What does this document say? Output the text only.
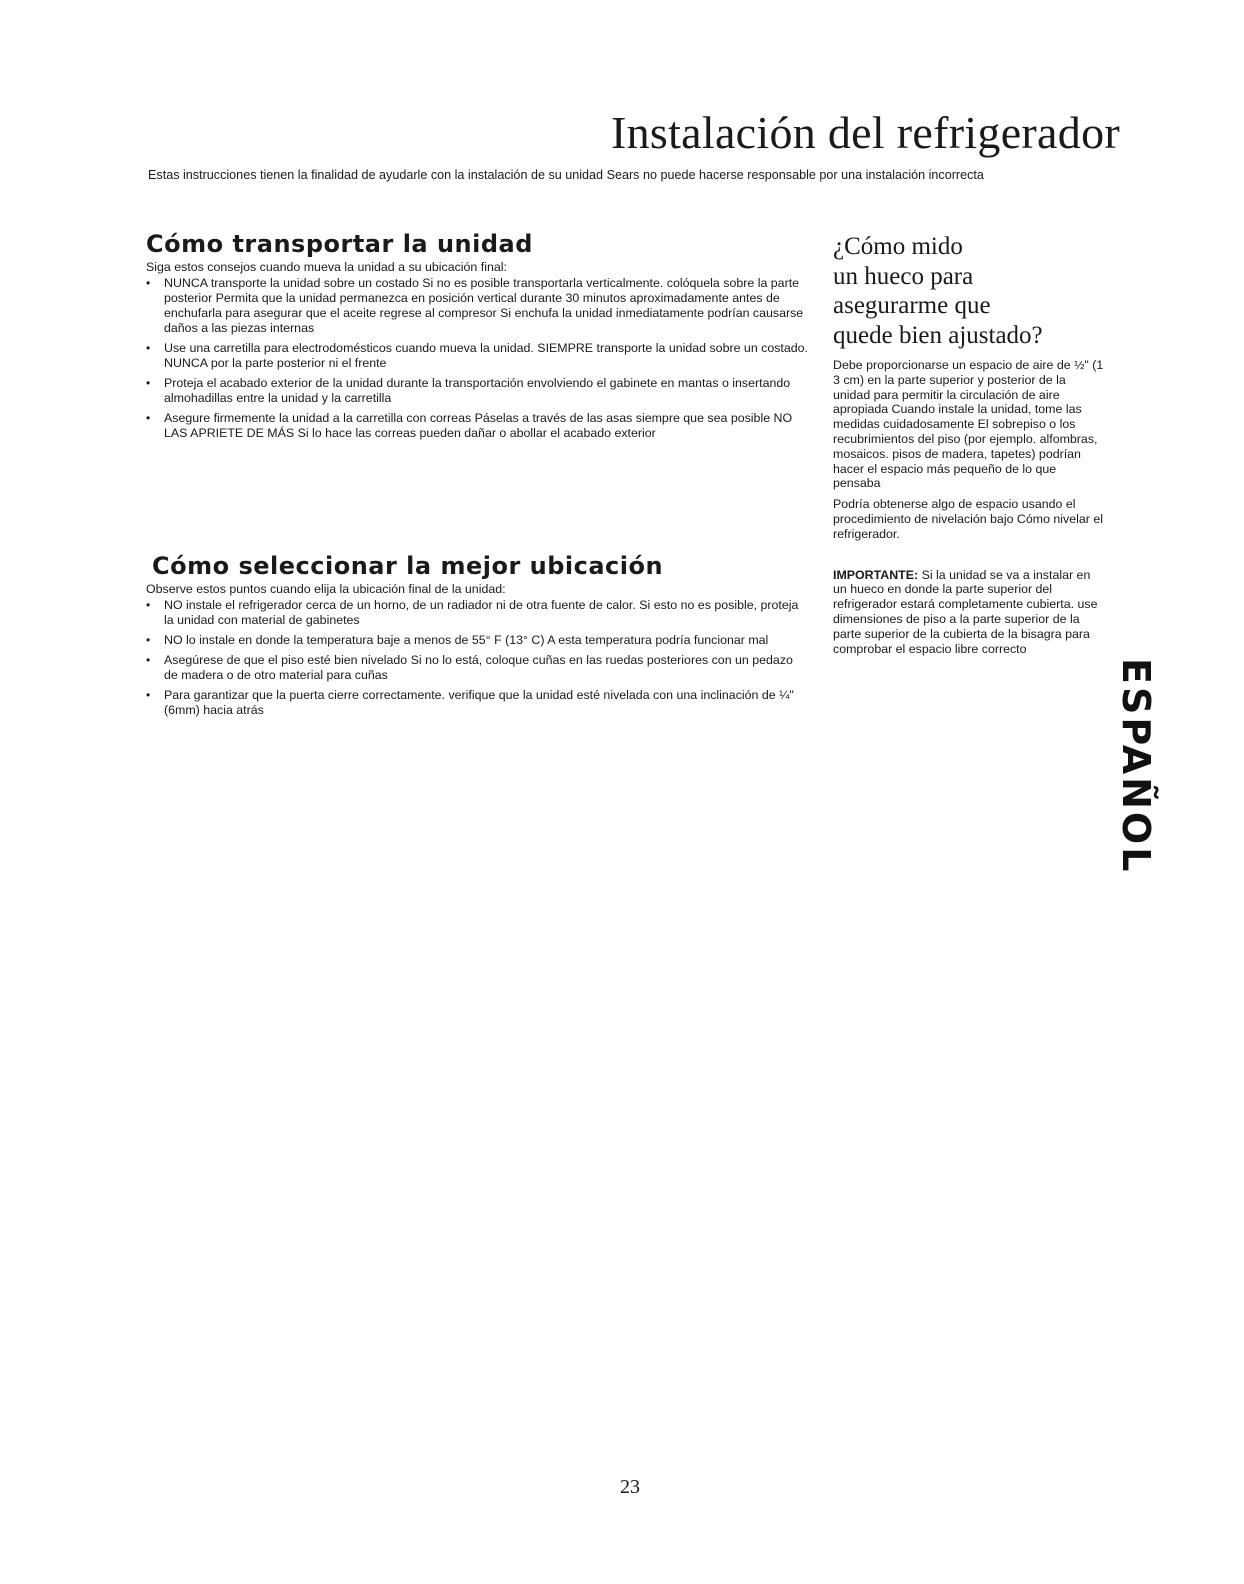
Instalación del refrigerador

Estas instrucciones tienen la finalidad de ayudarle con la instalación de su unidad Sears no puede hacerse responsable por una instalación incorrecta

Cómo transportar la unidad

Siga estos consejos cuando mueva la unidad a su ubicación final:

• NUNCA transporte la unidad sobre un costado Si no es posible transportarla verticalmente. colóquela sobre la parte posterior Permita que la unidad permanezca en posición vertical durante 30 minutos aproximadamente antes de enchufarla para asegurar que el aceite regrese al compresor Si enchufa la unidad inmediatamente podrían causarse daños a las piezas internas
• Use una carretilla para electrodomésticos cuando mueva la unidad. SIEMPRE transporte la unidad sobre un costado. NUNCA por la parte posterior ni el frente
• Proteja el acabado exterior de la unidad durante la transportación envolviendo el gabinete en mantas o insertando almohadillas entre la unidad y la carretilla
• Asegure firmemente la unidad a la carretilla con correas Páselas a través de las asas siempre que sea posible NO LAS APRIETE DE MÁS Si lo hace las correas pueden dañar o abollar el acabado exterior
Cómo seleccionar la mejor ubicación

Observe estos puntos cuando elija la ubicación final de la unidad:

• NO instale el refrigerador cerca de un horno, de un radiador ni de otra fuente de calor. Si esto no es posible, proteja la unidad con material de gabinetes
• NO lo instale en donde la temperatura baje a menos de 55° F (13° C) A esta temperatura podría funcionar mal
• Asegúrese de que el piso esté bien nivelado Si no lo está, coloque cuñas en las ruedas posteriores con un pedazo de madera o de otro material para cuñas
• Para garantizar que la puerta cierre correctamente. verifique que la unidad esté nivelada con una inclinación de ¼" (6mm) hacia atrás
¿Cómo mido
un hueco para
asegurarme que
quede bien ajustado?

Debe proporcionarse un espacio de aire de ½" (1 3 cm) en la parte superior y posterior de la unidad para permitir la circulación de aire apropiada Cuando instale la unidad, tome las medidas cuidadosamente El sobrepiso o los recubrimientos del piso (por ejemplo. alfombras, mosaicos. pisos de madera, tapetes) podrían hacer el espacio más pequeño de lo que pensaba

Podría obtenerse algo de espacio usando el procedimiento de nivelación bajo Cómo nivelar el refrigerador.

IMPORTANTE: Si la unidad se va a instalar en un hueco en donde la parte superior del refrigerador estará completamente cubierta. use dimensiones de piso a la parte superior de la parte superior de la cubierta de la bisagra para comprobar el espacio libre correcto

ESPAÑOL
23
